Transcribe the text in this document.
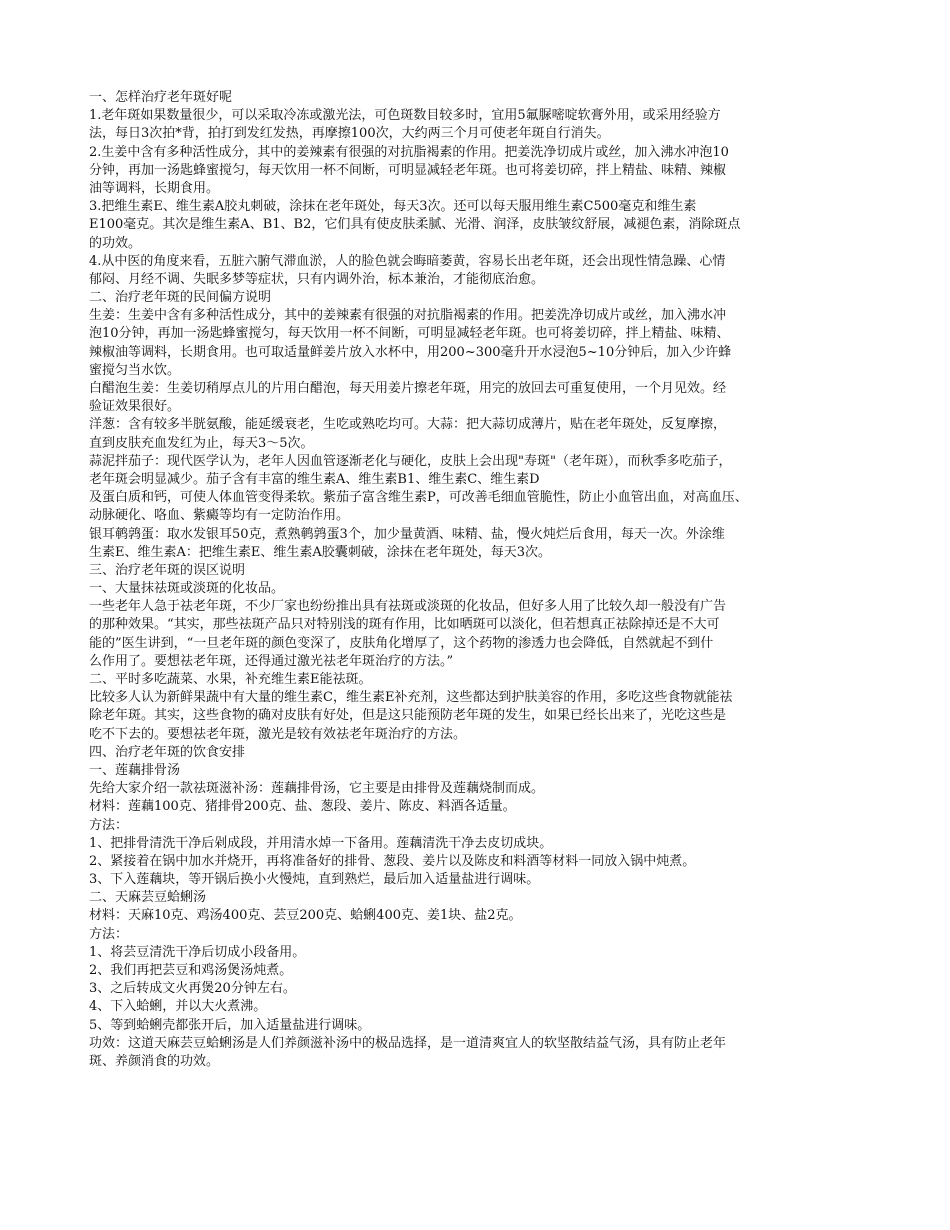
一、怎样治疗老年斑好呢
1.老年斑如果数量很少，可以采取冷冻或激光法，可色斑数目较多时，宜用5氟脲嘧啶软膏外用，或采用经验方
法，每日3次拍*背，拍打到发红发热，再摩擦100次，大约两三个月可使老年斑自行消失。
2.生姜中含有多种活性成分，其中的姜辣素有很强的对抗脂褐素的作用。把姜洗净切成片或丝，加入沸水冲泡10
分钟，再加一汤匙蜂蜜搅匀，每天饮用一杯不间断，可明显减轻老年斑。也可将姜切碎，拌上精盐、味精、辣椒
油等调料，长期食用。
3.把维生素E、维生素A胶丸刺破，涂抹在老年斑处，每天3次。还可以每天服用维生素C500毫克和维生素
E100毫克。其次是维生素A、B1、B2，它们具有使皮肤柔腻、光滑、润泽，皮肤皱纹舒展，减褪色素，消除斑点
的功效。
4.从中医的角度来看，五脏六腑气滞血淤，人的脸色就会晦暗萎黄，容易长出老年斑，还会出现性情急躁、心情
郁闷、月经不调、失眠多梦等症状，只有内调外治，标本兼治，才能彻底治愈。
二、治疗老年斑的民间偏方说明
生姜：生姜中含有多种活性成分，其中的姜辣素有很强的对抗脂褐素的作用。把姜洗净切成片或丝，加入沸水冲
泡10分钟，再加一汤匙蜂蜜搅匀，每天饮用一杯不间断，可明显减轻老年斑。也可将姜切碎，拌上精盐、味精、
辣椒油等调料，长期食用。也可取适量鲜姜片放入水杯中，用200~300毫升开水浸泡5~10分钟后，加入少许蜂
蜜搅匀当水饮。
白醋泡生姜：生姜切稍厚点儿的片用白醋泡，每天用姜片擦老年斑，用完的放回去可重复使用，一个月见效。经
验证效果很好。
洋葱：含有较多半胱氨酸，能延缓衰老，生吃或熟吃均可。大蒜：把大蒜切成薄片，贴在老年斑处，反复摩擦，
直到皮肤充血发红为止，每天3～5次。
蒜泥拌茄子：现代医学认为，老年人因血管逐渐老化与硬化，皮肤上会出现"寿斑"（老年斑），而秋季多吃茄子，
老年斑会明显减少。茄子含有丰富的维生素A、维生素B1、维生素C、维生素D
及蛋白质和钙，可使人体血管变得柔软。紫茄子富含维生素P，可改善毛细血管脆性，防止小血管出血，对高血压、
动脉硬化、咯血、紫癜等均有一定防治作用。
银耳鹌鹑蛋：取水发银耳50克，煮熟鹌鹑蛋3个，加少量黄酒、味精、盐，慢火炖烂后食用，每天一次。外涂维
生素E、维生素A：把维生素E、维生素A胶囊刺破，涂抹在老年斑处，每天3次。
三、治疗老年斑的误区说明
一、大量抹祛斑或淡斑的化妆品。
一些老年人急于祛老年斑，不少厂家也纷纷推出具有祛斑或淡斑的化妆品，但好多人用了比较久却一般没有广告
的那种效果。“其实，那些祛斑产品只对特别浅的斑有作用，比如晒斑可以淡化，但若想真正祛除掉还是不大可
能的”医生讲到，“一旦老年斑的颜色变深了，皮肤角化增厚了，这个药物的渗透力也会降低，自然就起不到什
么作用了。要想祛老年斑，还得通过激光祛老年斑治疗的方法。”
二、平时多吃蔬菜、水果，补充维生素E能祛斑。
比较多人认为新鲜果蔬中有大量的维生素C，维生素E补充剂，这些都达到护肤美容的作用，多吃这些食物就能祛
除老年斑。其实，这些食物的确对皮肤有好处，但是这只能预防老年斑的发生，如果已经长出来了，光吃这些是
吃不下去的。要想祛老年斑，激光是较有效祛老年斑治疗的方法。
四、治疗老年斑的饮食安排
一、莲藕排骨汤
先给大家介绍一款祛斑滋补汤：莲藕排骨汤，它主要是由排骨及莲藕烧制而成。
材料：莲藕100克、猪排骨200克、盐、葱段、姜片、陈皮、料酒各适量。
方法：
1、把排骨清洗干净后剁成段，并用清水焯一下备用。莲藕清洗干净去皮切成块。
2、紧接着在锅中加水并烧开，再将准备好的排骨、葱段、姜片以及陈皮和料酒等材料一同放入锅中炖煮。
3、下入莲藕块，等开锅后换小火慢炖，直到熟烂，最后加入适量盐进行调味。
二、天麻芸豆蛤蜊汤
材料：天麻10克、鸡汤400克、芸豆200克、蛤蜊400克、姜1块、盐2克。
方法：
1、将芸豆清洗干净后切成小段备用。
2、我们再把芸豆和鸡汤煲汤炖煮。
3、之后转成文火再煲20分钟左右。
4、下入蛤蜊，并以大火煮沸。
5、等到蛤蜊壳都张开后，加入适量盐进行调味。
功效：这道天麻芸豆蛤蜊汤是人们养颜滋补汤中的极品选择，是一道清爽宜人的软坚散结益气汤，具有防止老年
斑、养颜消食的功效。
